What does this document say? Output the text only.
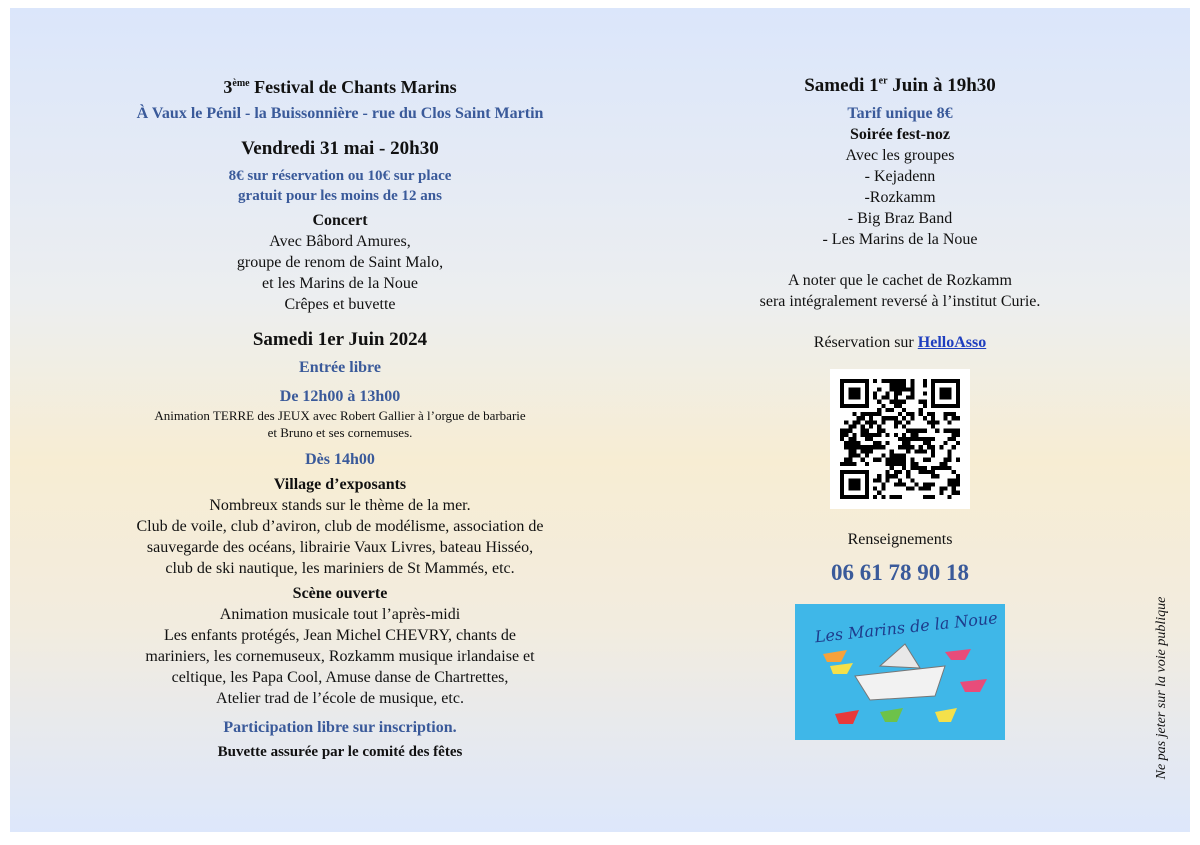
3ème Festival de Chants Marins
À Vaux le Pénil - la Buissonnière - rue du Clos Saint Martin
Vendredi 31 mai - 20h30
8€ sur réservation ou 10€ sur place
gratuit pour les moins de 12 ans
Concert
Avec Bâbord Amures,
groupe de renom de Saint Malo,
et les Marins de la Noue
Crêpes et buvette
Samedi 1er Juin 2024
Entrée libre
De 12h00 à 13h00
Animation TERRE des JEUX avec Robert Gallier à l’orgue de barbarie
et Bruno et ses cornemuses.
Dès 14h00
Village d’exposants
Nombreux stands sur le thème de la mer.
Club de voile, club d’aviron, club de modélisme, association de
sauvegarde des océans, librairie Vaux Livres, bateau Hisséo,
club de ski nautique, les mariniers de St Mammés, etc.
Scène ouverte
Animation musicale tout l’après-midi
Les enfants protégés, Jean Michel CHEVRY, chants de
mariniers, les cornemuseux, Rozkamm musique irlandaise et
celtique, les Papa Cool, Amuse danse de Chartrettes,
Atelier trad de l’école de musique, etc.
Participation libre sur inscription.
Buvette assurée par le comité des fêtes
Samedi 1er Juin à 19h30
Tarif unique 8€
Soirée fest-noz
Avec les groupes
- Kejadenn
-Rozkamm
- Big Braz Band
- Les Marins de la Noue
A noter que le cachet de Rozkamm
sera intégralement reversé à l’institut Curie.
Réservation sur HelloAsso
Renseignements
06 61 78 90 18
Les Marins de la Noue	Ne pas jeter sur la voie publique
